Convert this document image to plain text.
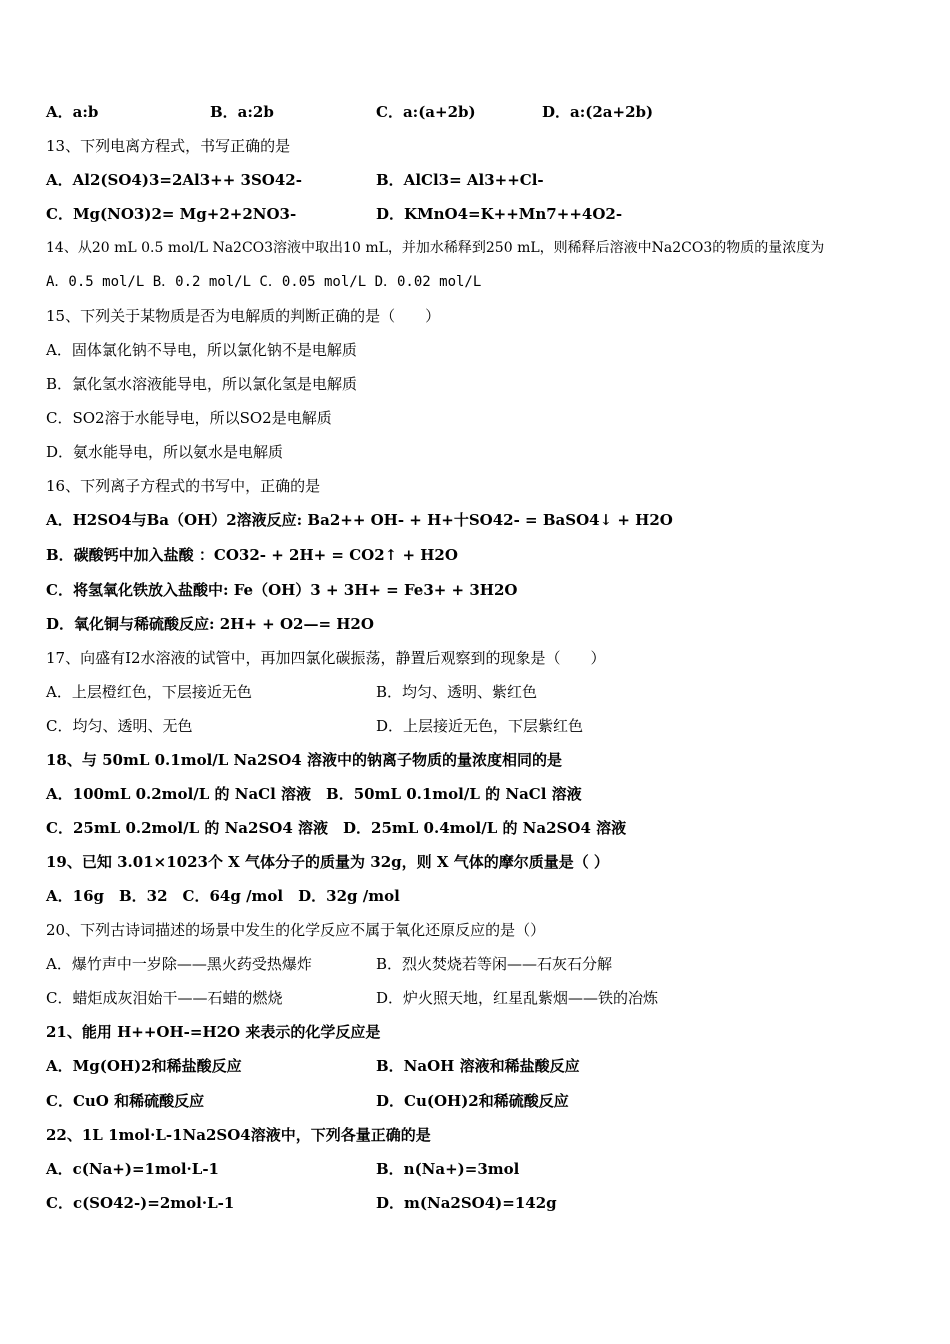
A．a:b	B．a:2b	C．a:(a+2b)	D．a:(2a+2b)
13、下列电离方程式，书写正确的是
A．Al2(SO4)3=2Al3++ 3SO42-	B．AlCl3= Al3++Cl-
C．Mg(NO3)2= Mg+2+2NO3-	D．KMnO4=K++Mn7++4O2-
14、从20 mL 0.5 mol/L Na2CO3溶液中取出10 mL，并加水稀释到250 mL，则稀释后溶液中Na2CO3的物质的量浓度为
A．0.5 mol/L B．0.2 mol/L C．0.05 mol/L D．0.02 mol/L
15、下列关于某物质是否为电解质的判断正确的是（　　）
A．固体氯化钠不导电，所以氯化钠不是电解质
B．氯化氢水溶液能导电，所以氯化氢是电解质
C．SO2溶于水能导电，所以SO2是电解质
D．氨水能导电，所以氨水是电解质
16、下列离子方程式的书写中，正确的是
A．H2SO4与Ba（OH）2溶液反应: Ba2++ OH- + H+十SO42- = BaSO4↓ + H2O
B．碳酸钙中加入盐酸 ：CO32- + 2H+ = CO2↑ + H2O
C．将氢氧化铁放入盐酸中: Fe（OH）3 + 3H+ = Fe3+ + 3H2O
D．氧化铜与稀硫酸反应: 2H+ + O2—= H2O
17、向盛有I2水溶液的试管中，再加四氯化碳振荡，静置后观察到的现象是（　　）
A．上层橙红色，下层接近无色	B．均匀、透明、紫红色
C．均匀、透明、无色	D．上层接近无色，下层紫红色
18、与 50mL 0.1mol/L Na2SO4 溶液中的钠离子物质的量浓度相同的是
A．100mL 0.2mol/L 的 NaCl 溶液　B．50mL 0.1mol/L 的 NaCl 溶液
C．25mL 0.2mol/L 的 Na2SO4 溶液　D．25mL 0.4mol/L 的 Na2SO4 溶液
19、已知 3.01×1023个 X 气体分子的质量为 32g，则 X 气体的摩尔质量是（ ）
A．16g　B．32　C．64g /mol　D．32g /mol
20、下列古诗词描述的场景中发生的化学反应不属于氧化还原反应的是（）
A．爆竹声中一岁除——黑火药受热爆炸	B．烈火焚烧若等闲——石灰石分解
C．蜡炬成灰泪始干——石蜡的燃烧	D．炉火照天地，红星乱紫烟——铁的冶炼
21、能用 H++OH-=H2O 来表示的化学反应是
A．Mg(OH)2和稀盐酸反应	B．NaOH 溶液和稀盐酸反应
C．CuO 和稀硫酸反应	D．Cu(OH)2和稀硫酸反应
22、1L 1mol·L-1Na2SO4溶液中，下列各量正确的是
A．c(Na+)=1mol·L-1	B．n(Na+)=3mol
C．c(SO42-)=2mol·L-1	D．m(Na2SO4)=142g
